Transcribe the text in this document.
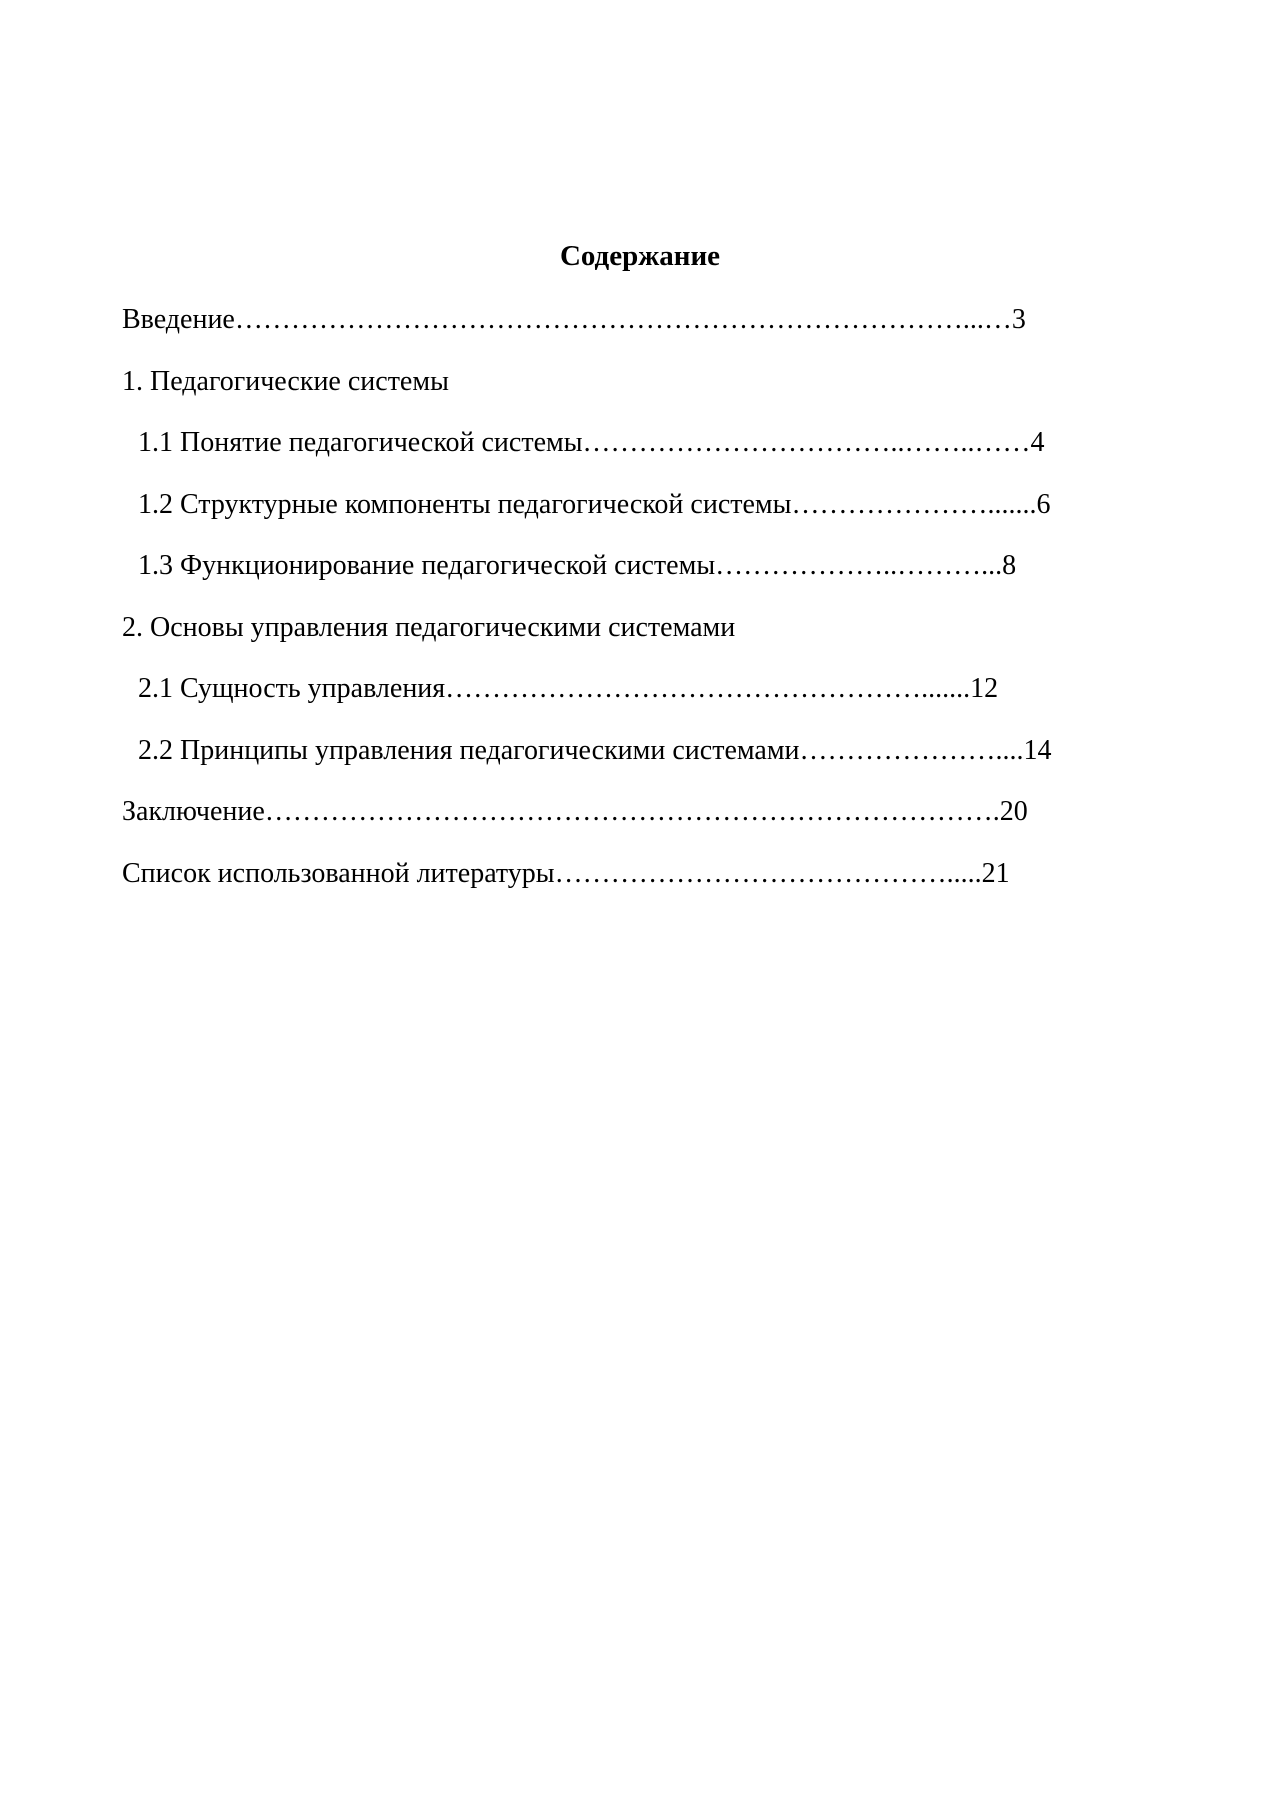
Содержание
Введение……………………………………………………………………...…3
1. Педагогические системы
1.1 Понятие педагогической системы……………………………..……..……4
1.2 Структурные компоненты педагогической системы………………….......6
1.3 Функционирование педагогической системы………………..………...8
2. Основы управления педагогическими системами
2.1 Сущность управления…………………………………………….......12
2.2 Принципы управления педагогическими системами…………………....14
Заключение…………………………………………………………………….20
Список использованной литературы…………………………………….....21
